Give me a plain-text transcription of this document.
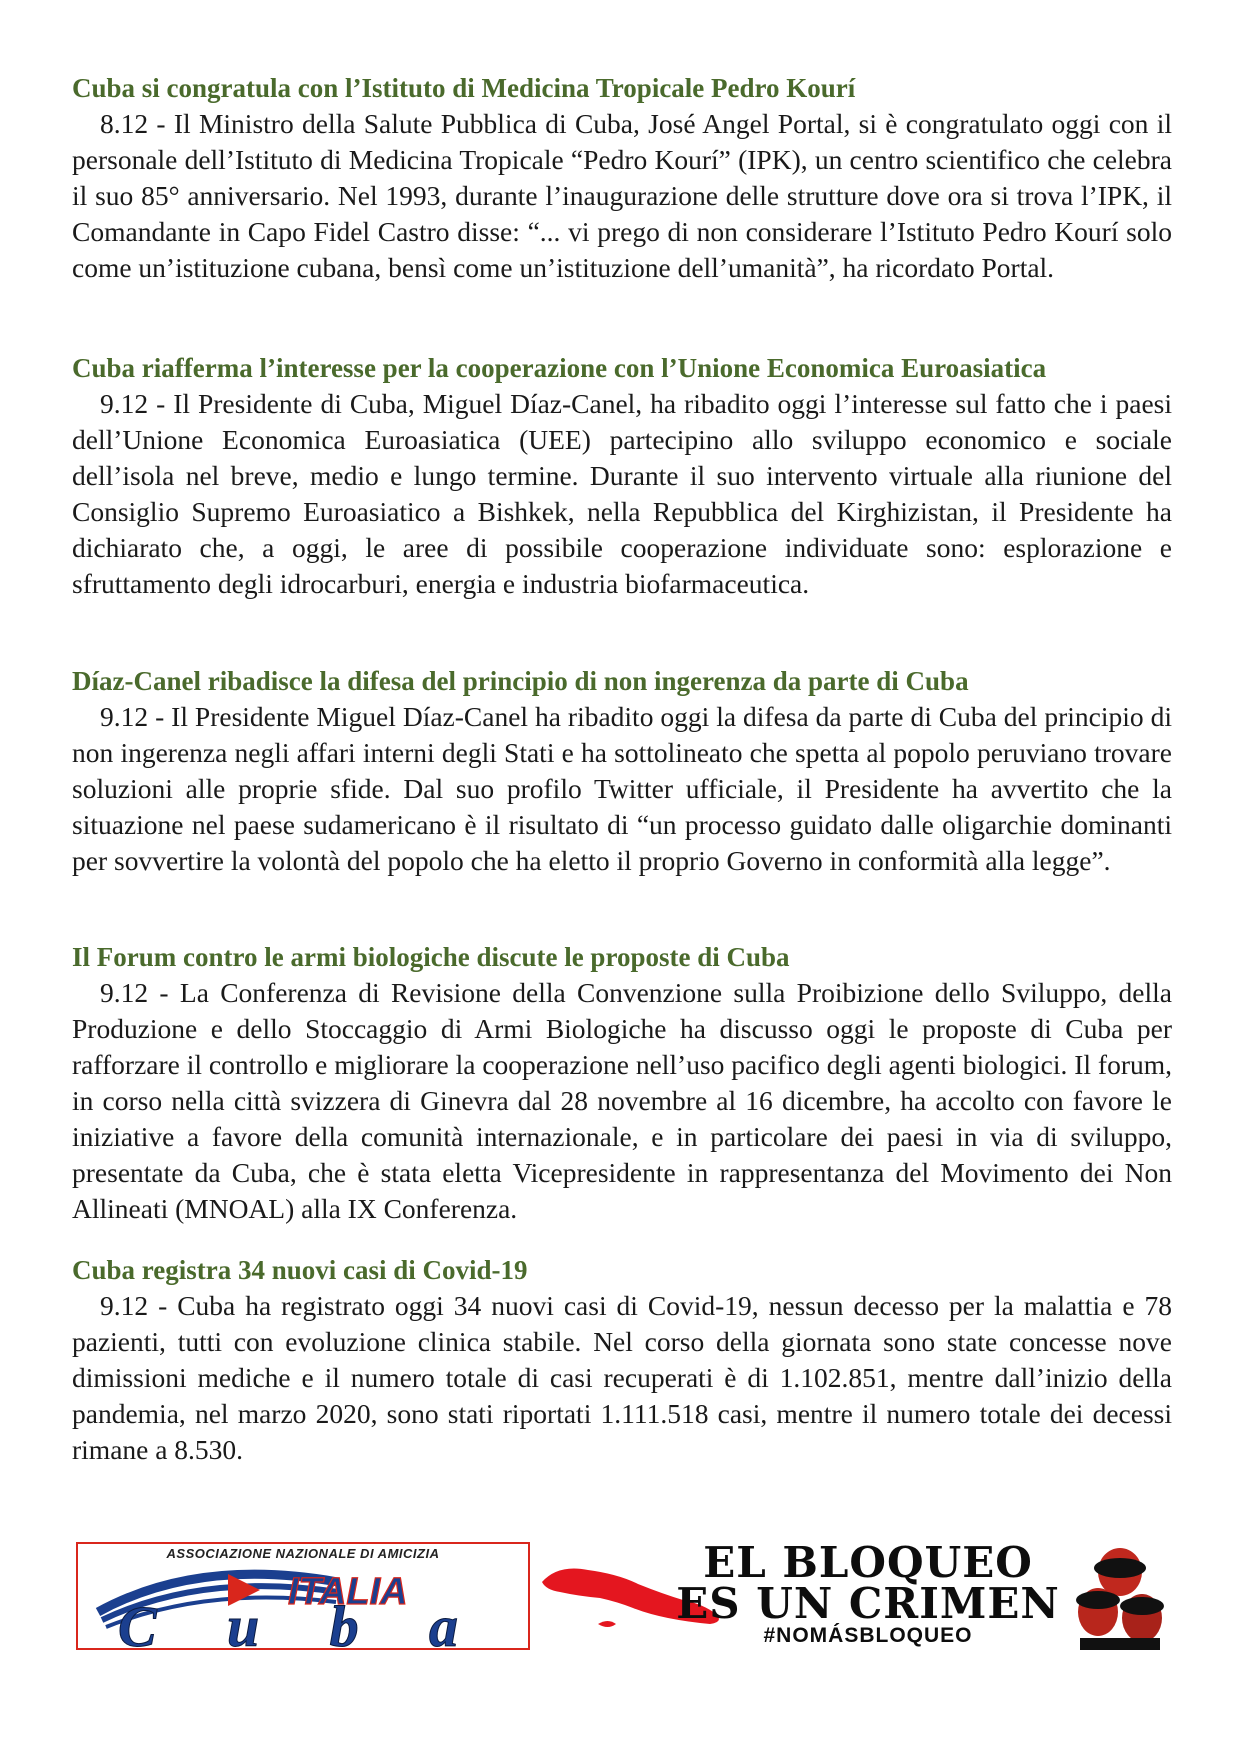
Cuba si congratula con l’Istituto di Medicina Tropicale Pedro Kourí

8.12 - Il Ministro della Salute Pubblica di Cuba, José Angel Portal, si è congratulato oggi con il personale dell’Istituto di Medicina Tropicale “Pedro Kourí” (IPK), un centro scientifico che celebra il suo 85° anniversario. Nel 1993, durante l’inaugurazione delle strutture dove ora si trova l’IPK, il Comandante in Capo Fidel Castro disse: “... vi prego di non considerare l’Istituto Pedro Kourí solo come un’istituzione cubana, bensì come un’istituzione dell’umanità”, ha ricordato Portal.

Cuba riafferma l’interesse per la cooperazione con l’Unione Economica Euroasiatica

9.12 - Il Presidente di Cuba, Miguel Díaz-Canel, ha ribadito oggi l’interesse sul fatto che i paesi dell’Unione Economica Euroasiatica (UEE) partecipino allo sviluppo economico e sociale dell’isola nel breve, medio e lungo termine. Durante il suo intervento virtuale alla riunione del Consiglio Supremo Euroasiatico a Bishkek, nella Repubblica del Kirghizistan, il Presidente ha dichiarato che, a oggi, le aree di possibile cooperazione individuate sono: esplorazione e sfruttamento degli idrocarburi, energia e industria biofarmaceutica.

Díaz-Canel ribadisce la difesa del principio di non ingerenza da parte di Cuba

9.12 - Il Presidente Miguel Díaz-Canel ha ribadito oggi la difesa da parte di Cuba del principio di non ingerenza negli affari interni degli Stati e ha sottolineato che spetta al popolo peruviano trovare soluzioni alle proprie sfide. Dal suo profilo Twitter ufficiale, il Presidente ha avvertito che la situazione nel paese sudamericano è il risultato di “un processo guidato dalle oligarchie dominanti per sovvertire la volontà del popolo che ha eletto il proprio Governo in conformità alla legge”.

Il Forum contro le armi biologiche discute le proposte di Cuba

9.12 - La Conferenza di Revisione della Convenzione sulla Proibizione dello Sviluppo, della Produzione e dello Stoccaggio di Armi Biologiche ha discusso oggi le proposte di Cuba per rafforzare il controllo e migliorare la cooperazione nell’uso pacifico degli agenti biologici. Il forum, in corso nella città svizzera di Ginevra dal 28 novembre al 16 dicembre, ha accolto con favore le iniziative a favore della comunità internazionale, e in particolare dei paesi in via di sviluppo, presentate da Cuba, che è stata eletta Vicepresidente in rappresentanza del Movimento dei Non Allineati (MNOAL) alla IX Conferenza.

Cuba registra 34 nuovi casi di Covid-19

9.12 - Cuba ha registrato oggi 34 nuovi casi di Covid-19, nessun decesso per la malattia e 78 pazienti, tutti con evoluzione clinica stabile. Nel corso della giornata sono state concesse nove dimissioni mediche e il numero totale di casi recuperati è di 1.102.851, mentre dall’inizio della pandemia, nel marzo 2020, sono stati riportati 1.111.518 casi, mentre il numero totale dei decessi rimane a 8.530.

ASSOCIAZIONE NAZIONALE DI AMICIZIA
ITALIA
Cuba
EL BLOQUEO
ES UN CRIMEN
#NOMÁSBLOQUEO
